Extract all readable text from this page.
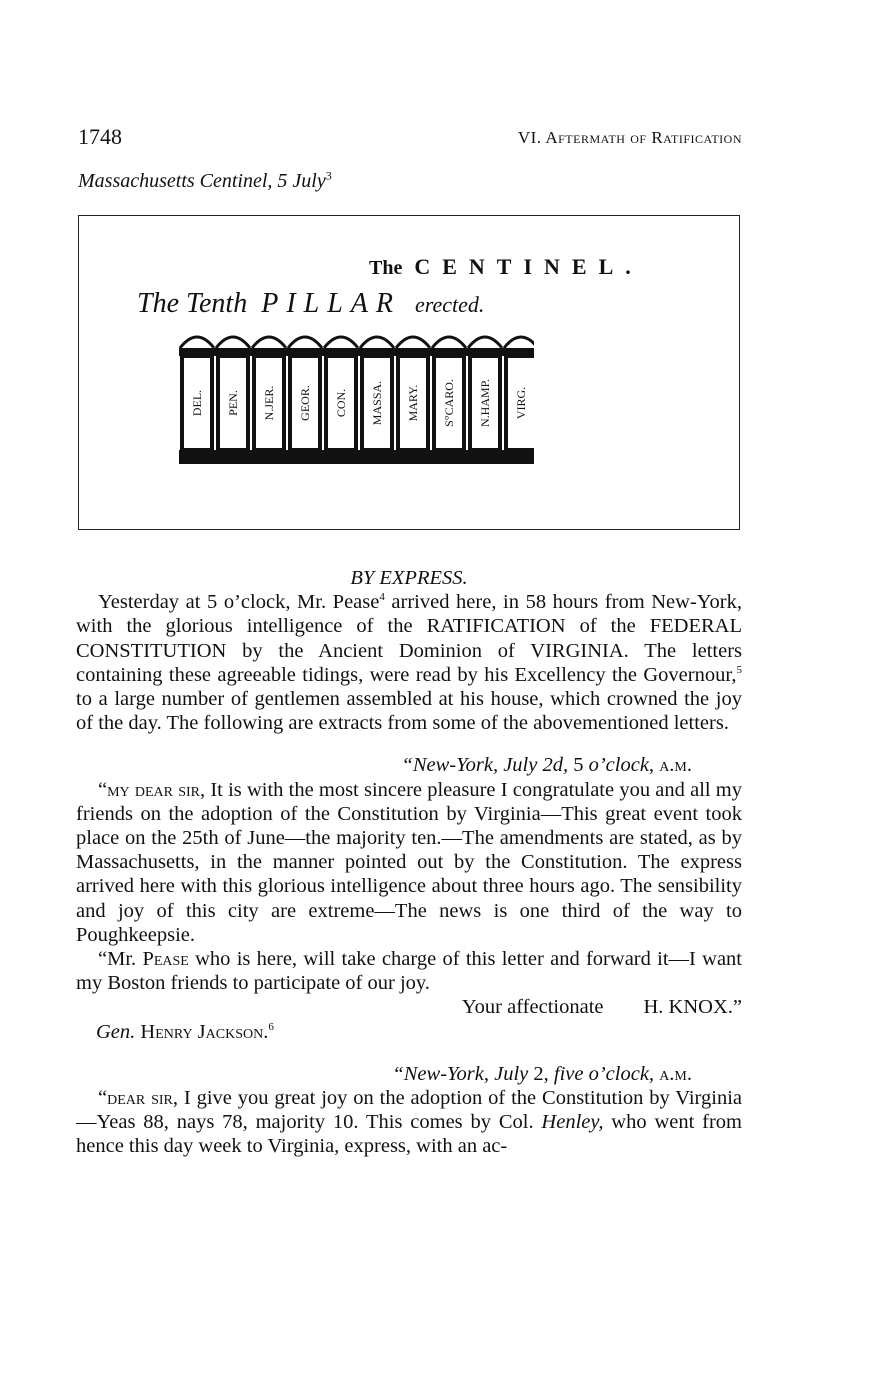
1748	VI. Aftermath of Ratification
Massachusetts Centinel, 5 July$^3$
The CENTINEL.
The Tenth PILLAR erected.
DEL. PEN. N.JER. GEOR. CON. MASSA. MARY. S°CARO. N.HAMP. VIRG.
BY EXPRESS.

Yesterday at 5 o’clock, Mr. Pease$^4$ arrived here, in 58 hours from New-York, with the glorious intelligence of the RATIFICATION of the FEDERAL CONSTITUTION by the Ancient Dominion of VIRGINIA. The letters containing these agreeable tidings, were read by his Excellency the Governour,$^5$ to a large number of gentlemen assembled at his house, which crowned the joy of the day. The following are extracts from some of the abovementioned letters.

“New-York, July 2d, 5 o’clock, a.m.

“my dear sir, It is with the most sincere pleasure I congratulate you and all my friends on the adoption of the Constitution by Virginia—This great event took place on the 25th of June—the majority ten.—The amendments are stated, as by Massachusetts, in the manner pointed out by the Constitution. The express arrived here with this glorious intelligence about three hours ago. The sensibility and joy of this city are extreme—The news is one third of the way to Poughkeepsie.

“Mr. Pease who is here, will take charge of this letter and forward it—I want my Boston friends to participate of our joy.

Your affectionate H. KNOX.”

Gen. Henry Jackson.$^6$

“New-York, July 2, five o’clock, a.m.

“dear sir, I give you great joy on the adoption of the Constitution by Virginia—Yeas 88, nays 78, majority 10. This comes by Col. Henley, who went from hence this day week to Virginia, express, with an ac-
